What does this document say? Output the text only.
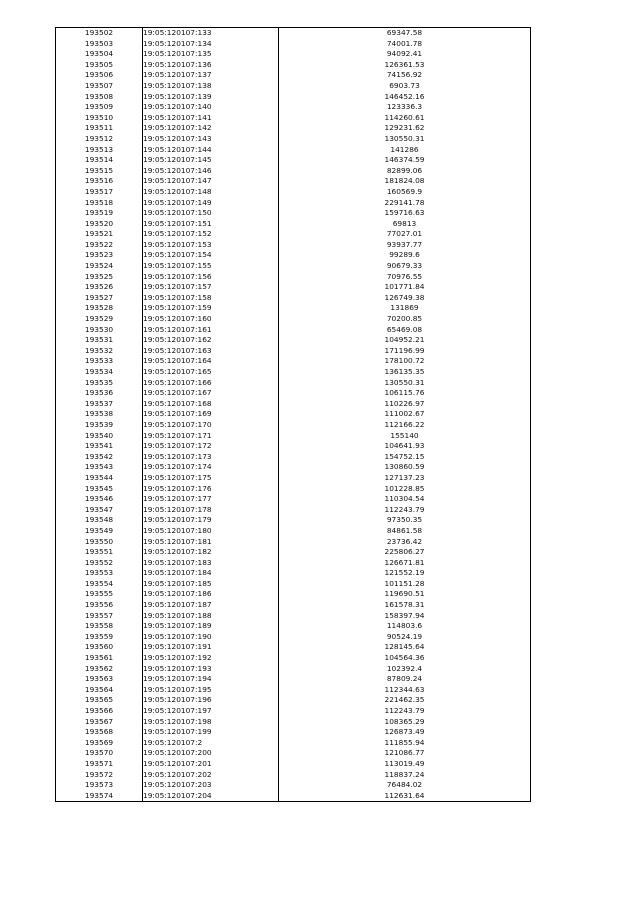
193502	19:05:120107:133	69347.58
193503	19:05:120107:134	74001.78
193504	19:05:120107:135	94092.41
193505	19:05:120107:136	126361.53
193506	19:05:120107:137	74156.92
193507	19:05:120107:138	6903.73
193508	19:05:120107:139	146452.16
193509	19:05:120107:140	123336.3
193510	19:05:120107:141	114260.61
193511	19:05:120107:142	129231.62
193512	19:05:120107:143	130550.31
193513	19:05:120107:144	141286
193514	19:05:120107:145	146374.59
193515	19:05:120107:146	82899.06
193516	19:05:120107:147	181824.08
193517	19:05:120107:148	160569.9
193518	19:05:120107:149	229141.78
193519	19:05:120107:150	159716.63
193520	19:05:120107:151	69813
193521	19:05:120107:152	77027.01
193522	19:05:120107:153	93937.77
193523	19:05:120107:154	99289.6
193524	19:05:120107:155	90679.33
193525	19:05:120107:156	70976.55
193526	19:05:120107:157	101771.84
193527	19:05:120107:158	126749.38
193528	19:05:120107:159	131869
193529	19:05:120107:160	70200.85
193530	19:05:120107:161	65469.08
193531	19:05:120107:162	104952.21
193532	19:05:120107:163	171196.99
193533	19:05:120107:164	178100.72
193534	19:05:120107:165	136135.35
193535	19:05:120107:166	130550.31
193536	19:05:120107:167	106115.76
193537	19:05:120107:168	110226.97
193538	19:05:120107:169	111002.67
193539	19:05:120107:170	112166.22
193540	19:05:120107:171	155140
193541	19:05:120107:172	104641.93
193542	19:05:120107:173	154752.15
193543	19:05:120107:174	130860.59
193544	19:05:120107:175	127137.23
193545	19:05:120107:176	101228.85
193546	19:05:120107:177	110304.54
193547	19:05:120107:178	112243.79
193548	19:05:120107:179	97350.35
193549	19:05:120107:180	84861.58
193550	19:05:120107:181	23736.42
193551	19:05:120107:182	225806.27
193552	19:05:120107:183	126671.81
193553	19:05:120107:184	121552.19
193554	19:05:120107:185	101151.28
193555	19:05:120107:186	119690.51
193556	19:05:120107:187	161578.31
193557	19:05:120107:188	158397.94
193558	19:05:120107:189	114803.6
193559	19:05:120107:190	90524.19
193560	19:05:120107:191	128145.64
193561	19:05:120107:192	104564.36
193562	19:05:120107:193	102392.4
193563	19:05:120107:194	87809.24
193564	19:05:120107:195	112344.63
193565	19:05:120107:196	221462.35
193566	19:05:120107:197	112243.79
193567	19:05:120107:198	108365.29
193568	19:05:120107:199	126873.49
193569	19:05:120107:2	111855.94
193570	19:05:120107:200	121086.77
193571	19:05:120107:201	113019.49
193572	19:05:120107:202	118837.24
193573	19:05:120107:203	76484.02
193574	19:05:120107:204	112631.64
